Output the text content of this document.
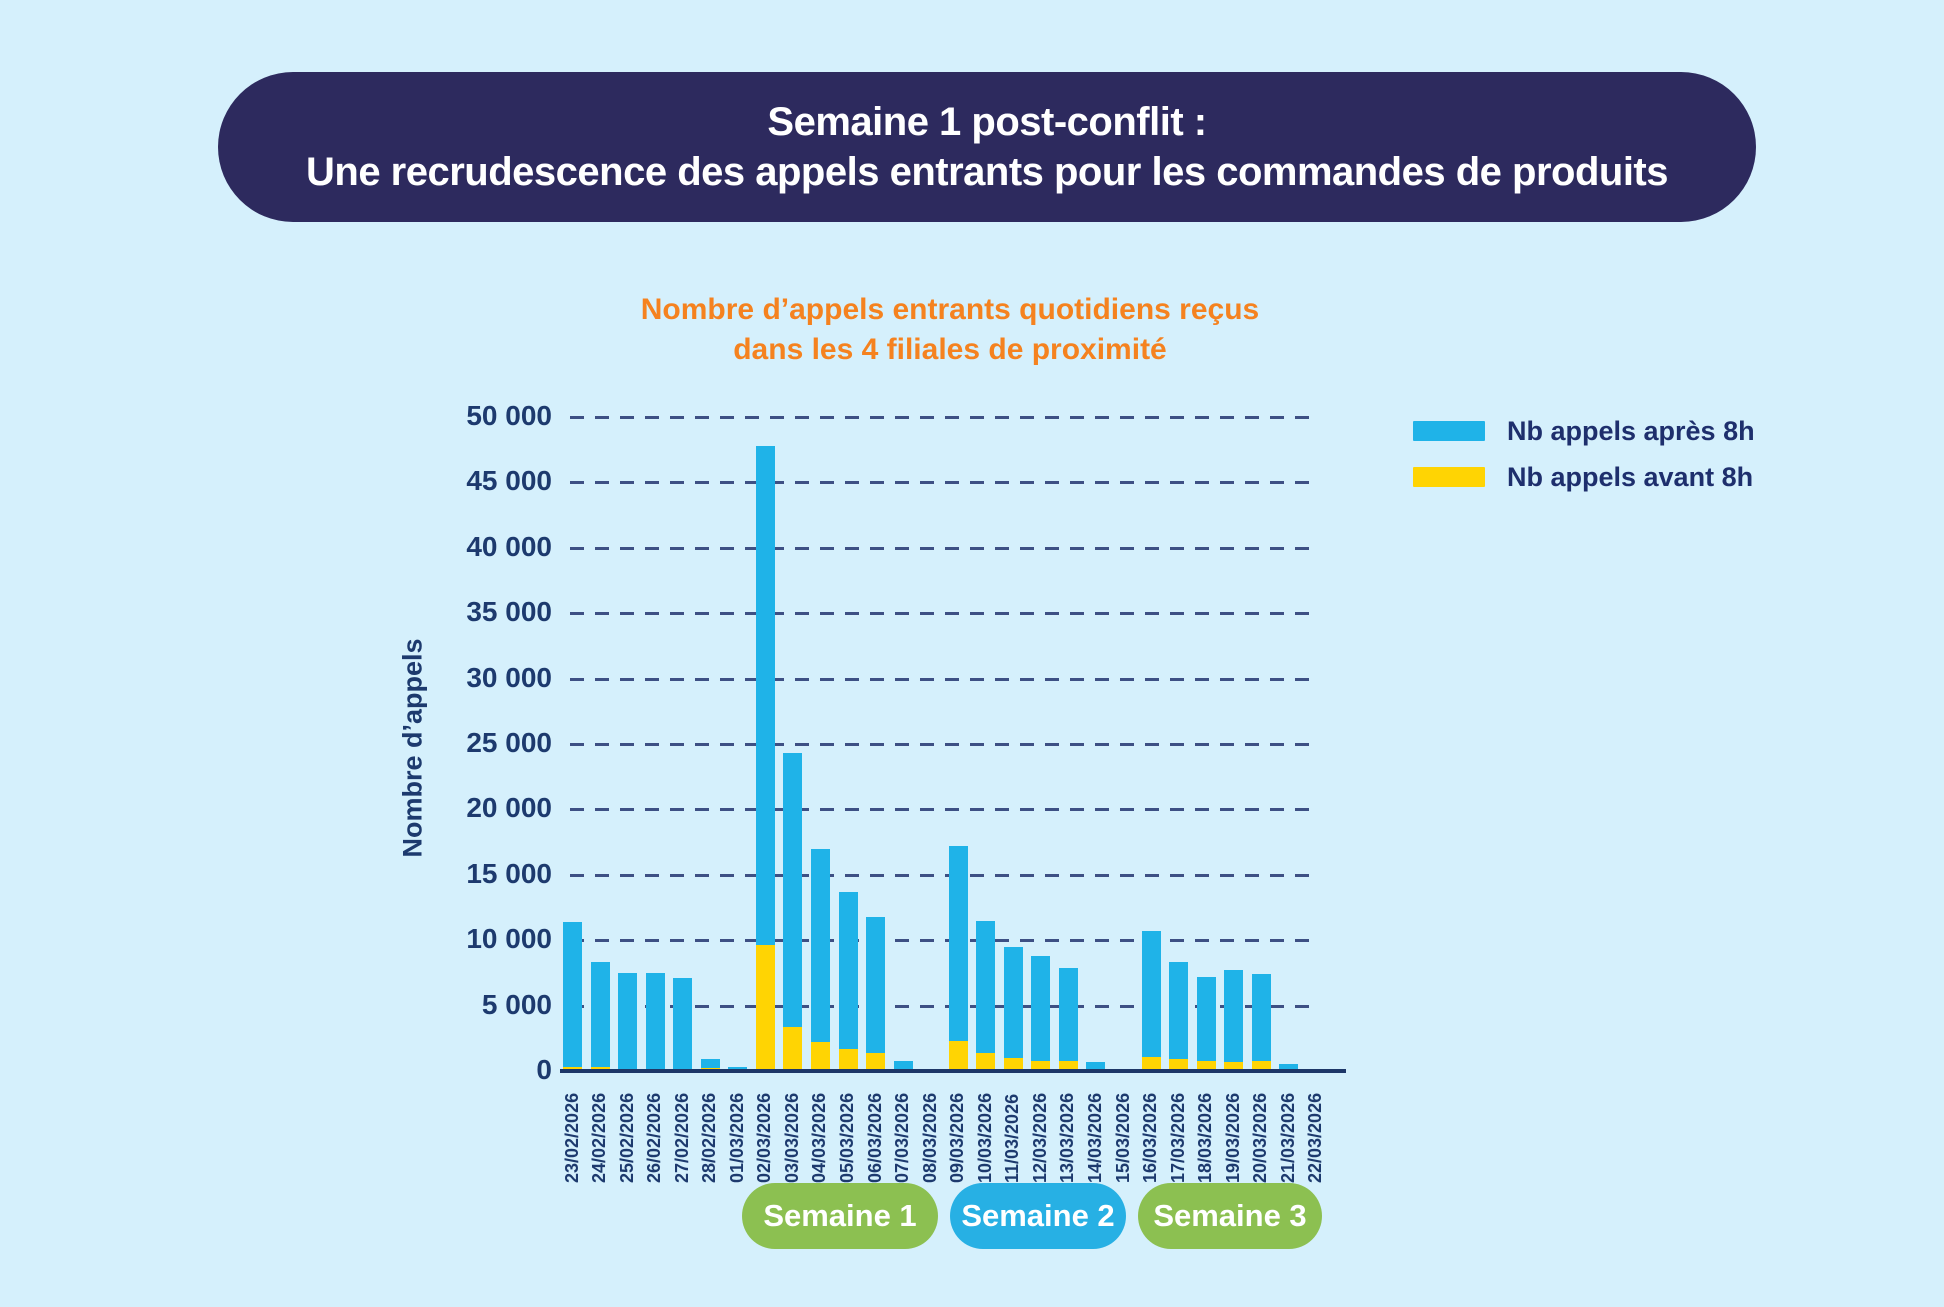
Semaine 1 post-conflit :
Une recrudescence des appels entrants pour les commandes de produits
Nombre d’appels entrants quotidiens reçus
dans les 4 filiales de proximité
Nombre d’appels
0
5 000
10 000
15 000
20 000
25 000
30 000
35 000
40 000
45 000
50 000
23/02/2026 24/02/2026 25/02/2026 26/02/2026 27/02/2026 28/02/2026 01/03/2026 02/03/2026 03/03/2026 04/03/2026 05/03/2026 06/03/2026 07/03/2026 08/03/2026 09/03/2026 10/03/2026 11/03/2026 12/03/2026 13/03/2026 14/03/2026 15/03/2026 16/03/2026 17/03/2026 18/03/2026 19/03/2026 20/03/2026 21/03/2026 22/03/2026
Nb appels après 8h
Nb appels avant 8h
Semaine 1	Semaine 2	Semaine 3
